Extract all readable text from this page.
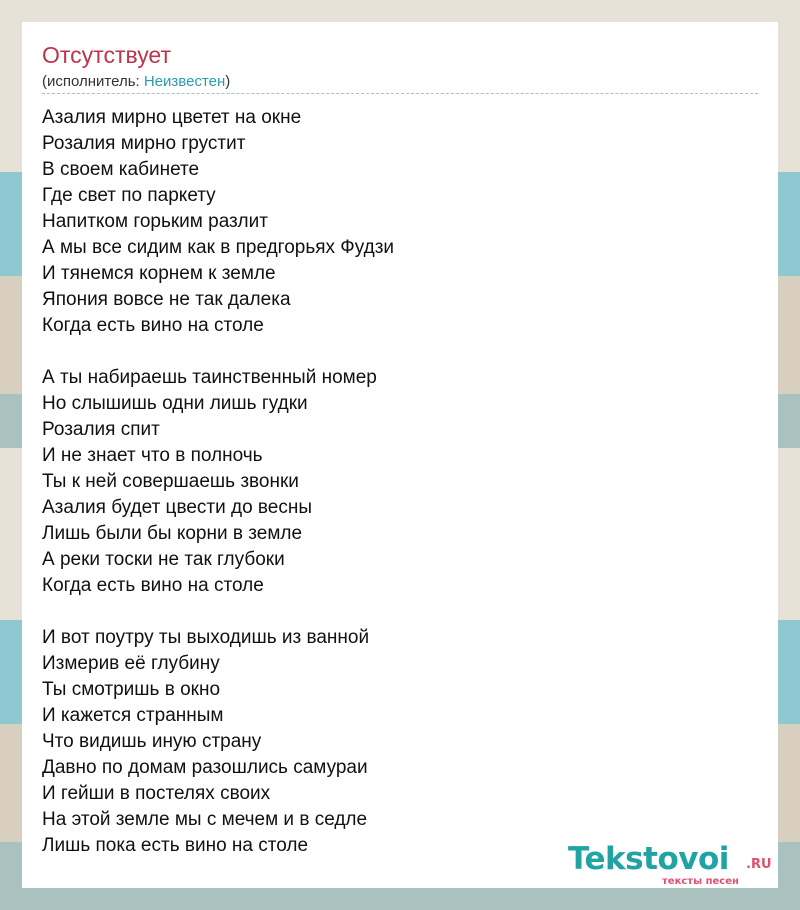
Отсутствует
(исполнитель: Неизвестен)
Азалия мирно цветет на окне
Розалия мирно грустит
В своем кабинете
Где свет по паркету
Напитком горьким разлит
А мы все сидим как в предгорьях Фудзи
И тянемся корнем к земле
Япония вовсе не так далека
Когда есть вино на столе
А ты набираешь таинственный номер
Но слышишь одни лишь гудки
Розалия спит
И не знает что в полночь
Ты к ней совершаешь звонки
Азалия будет цвести до весны
Лишь были бы корни в земле
А реки тоски не так глубоки
Когда есть вино на столе
И вот поутру ты выходишь из ванной
Измерив её глубину
Ты смотришь в окно
И кажется странным
Что видишь иную страну
Давно по домам разошлись самураи
И гейши в постелях своих
На этой земле мы с мечем и в седле
Лишь пока есть вино на столе	Tekstovoi .RU
тексты песен
